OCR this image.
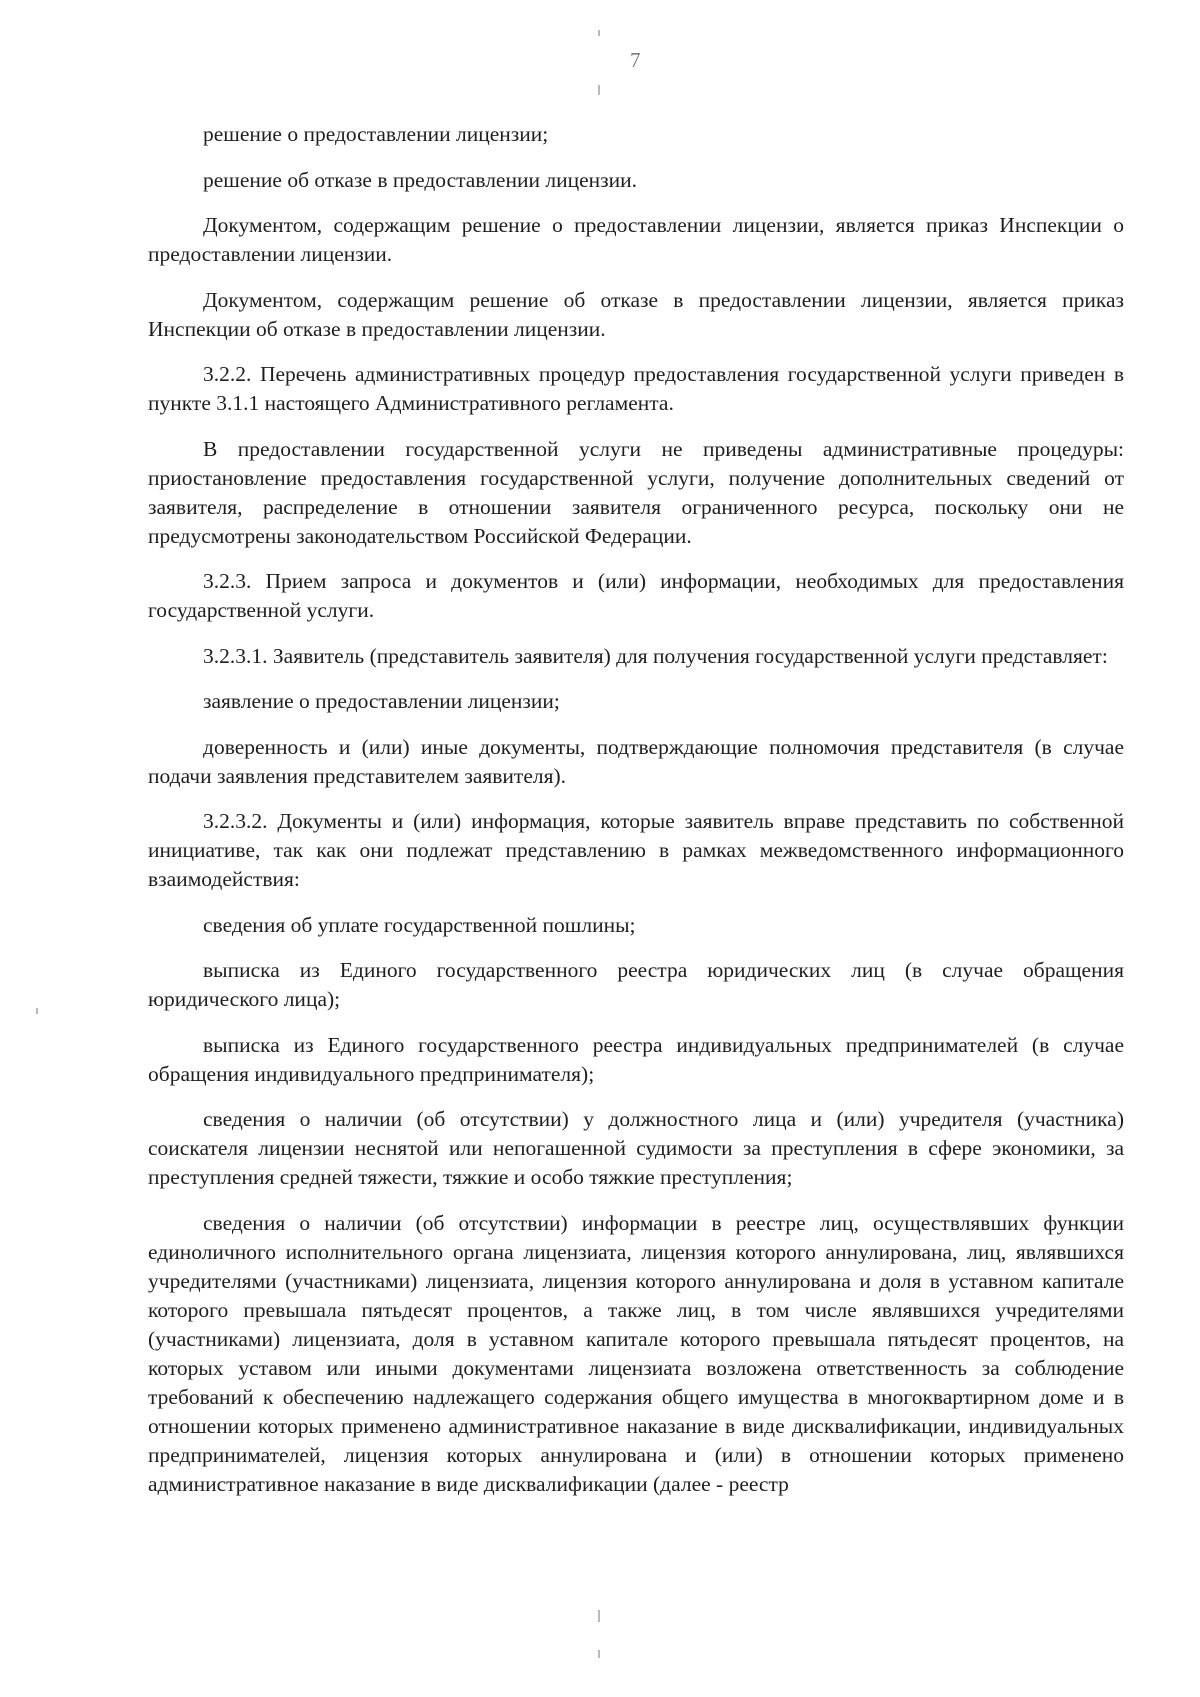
7

решение о предоставлении лицензии;

решение об отказе в предоставлении лицензии.

Документом, содержащим решение о предоставлении лицензии, является приказ Инспекции о предоставлении лицензии.

Документом, содержащим решение об отказе в предоставлении лицензии, является приказ Инспекции об отказе в предоставлении лицензии.

3.2.2. Перечень административных процедур предоставления государственной услуги приведен в пункте 3.1.1 настоящего Административного регламента.

В предоставлении государственной услуги не приведены административные процедуры: приостановление предоставления государственной услуги, получение дополнительных сведений от заявителя, распределение в отношении заявителя ограниченного ресурса, поскольку они не предусмотрены законодательством Российской Федерации.

3.2.3. Прием запроса и документов и (или) информации, необходимых для предоставления государственной услуги.

3.2.3.1. Заявитель (представитель заявителя) для получения государственной услуги представляет:

заявление о предоставлении лицензии;

доверенность и (или) иные документы, подтверждающие полномочия представителя (в случае подачи заявления представителем заявителя).

3.2.3.2. Документы и (или) информация, которые заявитель вправе представить по собственной инициативе, так как они подлежат представлению в рамках межведомственного информационного взаимодействия:

сведения об уплате государственной пошлины;

выписка из Единого государственного реестра юридических лиц (в случае обращения юридического лица);

выписка из Единого государственного реестра индивидуальных предпринимателей (в случае обращения индивидуального предпринимателя);

сведения о наличии (об отсутствии) у должностного лица и (или) учредителя (участника) соискателя лицензии неснятой или непогашенной судимости за преступления в сфере экономики, за преступления средней тяжести, тяжкие и особо тяжкие преступления;

сведения о наличии (об отсутствии) информации в реестре лиц, осуществлявших функции единоличного исполнительного органа лицензиата, лицензия которого аннулирована, лиц, являвшихся учредителями (участниками) лицензиата, лицензия которого аннулирована и доля в уставном капитале которого превышала пятьдесят процентов, а также лиц, в том числе являвшихся учредителями (участниками) лицензиата, доля в уставном капитале которого превышала пятьдесят процентов, на которых уставом или иными документами лицензиата возложена ответственность за соблюдение требований к обеспечению надлежащего содержания общего имущества в многоквартирном доме и в отношении которых применено административное наказание в виде дисквалификации, индивидуальных предпринимателей, лицензия которых аннулирована и (или) в отношении которых применено административное наказание в виде дисквалификации (далее - реестр
